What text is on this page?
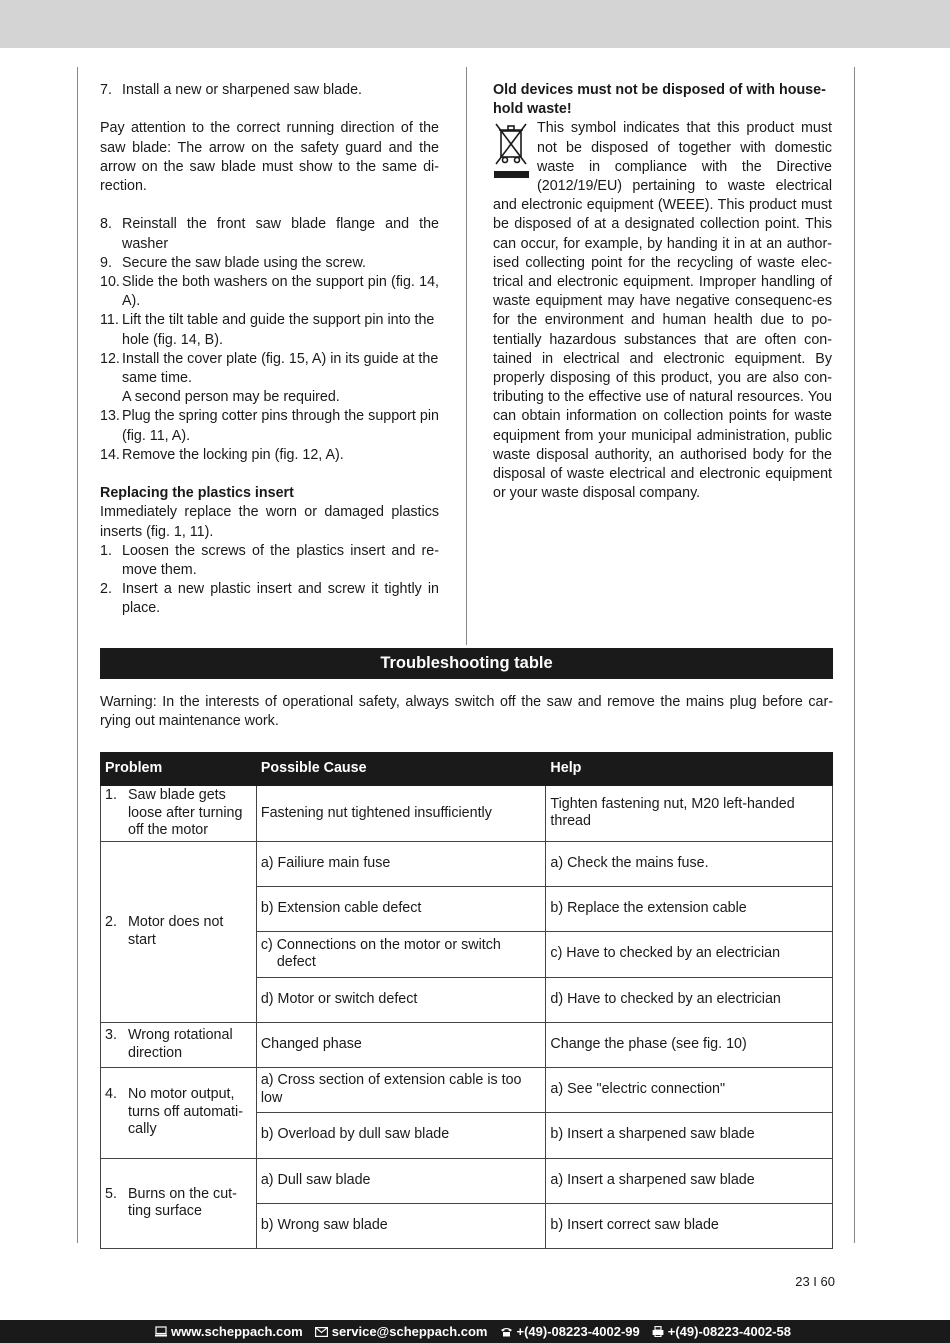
7. Install a new or sharpened saw blade.
Pay attention to the correct running direction of the saw blade: The arrow on the safety guard and the arrow on the saw blade must show to the same di-rection.
8. Reinstall the front saw blade flange and the washer
9. Secure the saw blade using the screw.
10. Slide the both washers on the support pin (fig. 14, A).
11. Lift the tilt table and guide the support pin into the hole (fig. 14, B).
12. Install the cover plate (fig. 15, A) in its guide at the same time.
A second person may be required.
13. Plug the spring cotter pins through the support pin (fig. 11, A).
14. Remove the locking pin (fig. 12, A).
Replacing the plastics insert
Immediately replace the worn or damaged plastics inserts (fig. 1, 11).
1. Loosen the screws of the plastics insert and re-move them.
2. Insert a new plastic insert and screw it tightly in place.
Old devices must not be disposed of with house-hold waste!
This symbol indicates that this product must not be disposed of together with domestic waste in compliance with the Directive (2012/19/EU) pertaining to waste electrical and electronic equipment (WEEE). This product must be disposed of at a designated collection point. This can occur, for example, by handing it in at an author-ised collecting point for the recycling of waste elec-trical and electronic equipment. Improper handling of waste equipment may have negative consequenc-es for the environment and human health due to po-tentially hazardous substances that are often con-tained in electrical and electronic equipment. By properly disposing of this product, you are also con-tributing to the effective use of natural resources. You can obtain information on collection points for waste equipment from your municipal administration, public waste disposal authority, an authorised body for the disposal of waste electrical and electronic equipment or your waste disposal company.
Troubleshooting table
Warning: In the interests of operational safety, always switch off the saw and remove the mains plug before car-rying out maintenance work.
Problem	Possible Cause	Help

1. Saw blade gets loose after turning off the motor	Fastening nut tightened insufficiently	Tighten fastening nut, M20 left-handed thread

2. Motor does not start	a) Failiure main fuse	a) Check the mains fuse.
	b) Extension cable defect	b) Replace the extension cable

	c) Connections on the motor or switch defect	c) Have to checked by an electrician
	d) Motor or switch defect	d) Have to checked by an electrician

3. Wrong rotational direction	Changed phase	Change the phase (see fig. 10)

4. No motor output, turns off automati-cally	a) Cross section of extension cable is too low	a) See "electric connection"
	b) Overload by dull saw blade	b) Insert a sharpened saw blade

5. Burns on the cut-ting surface	a) Dull saw blade	a) Insert a sharpened saw blade
	b) Wrong saw blade	b) Insert correct saw blade
23 I 60
www.scheppach.com service@scheppach.com +(49)-08223-4002-99 +(49)-08223-4002-58
